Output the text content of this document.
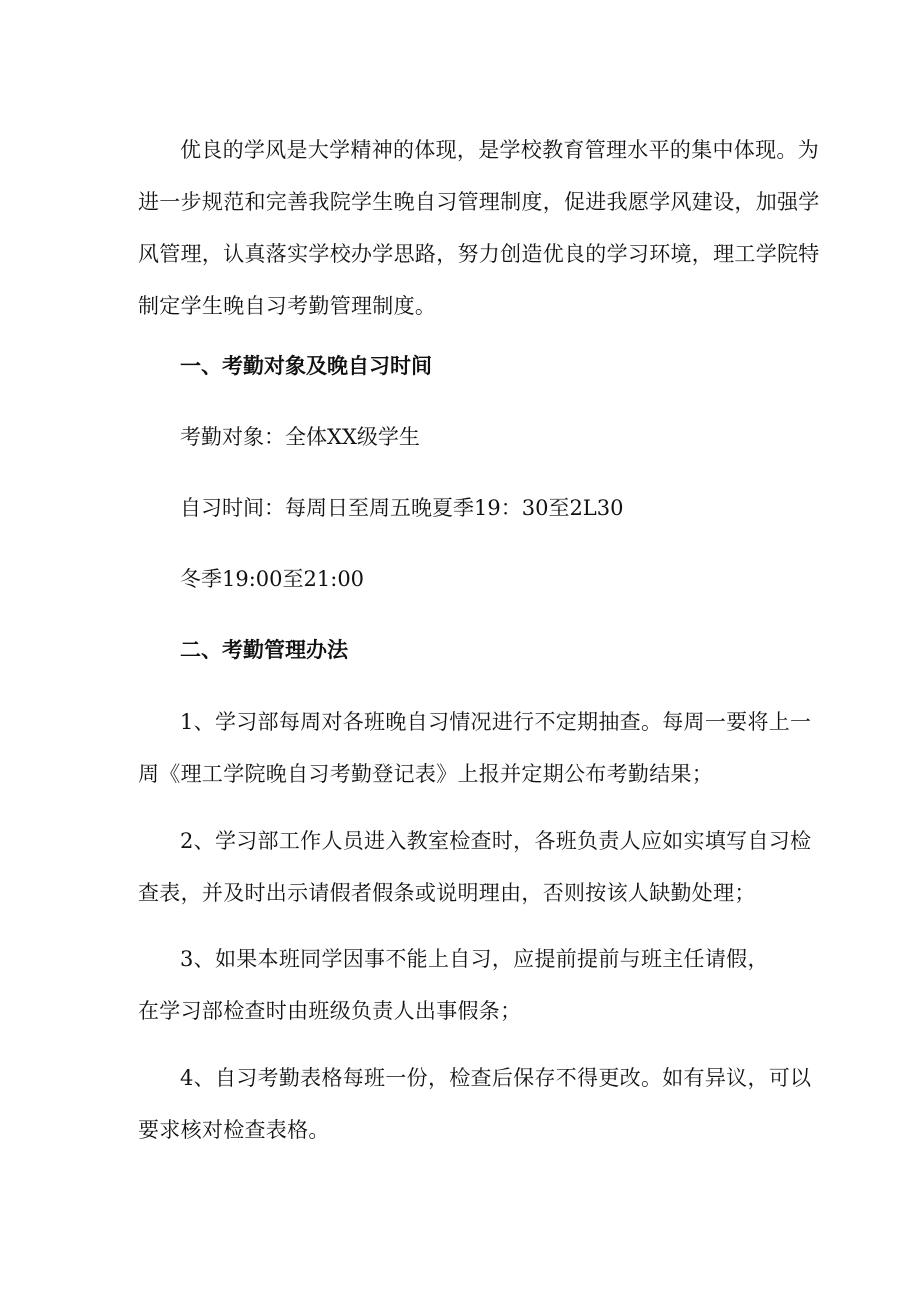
优良的学风是大学精神的体现，是学校教育管理水平的集中体现。为
进一步规范和完善我院学生晚自习管理制度，促进我愿学风建设，加强学
风管理，认真落实学校办学思路，努力创造优良的学习环境，理工学院特
制定学生晚自习考勤管理制度。
一、考勤对象及晚自习时间
考勤对象：全体XX级学生
自习时间：每周日至周五晚夏季19：30至2L30
冬季19:00至21:00
二、考勤管理办法
1、学习部每周对各班晚自习情况进行不定期抽查。每周一要将上一
周《理工学院晚自习考勤登记表》上报并定期公布考勤结果；
2、学习部工作人员进入教室检查时，各班负责人应如实填写自习检
查表，并及时出示请假者假条或说明理由，否则按该人缺勤处理；
3、如果本班同学因事不能上自习，应提前提前与班主任请假，
在学习部检查时由班级负责人出事假条；
4、自习考勤表格每班一份，检查后保存不得更改。如有异议，可以
要求核对检查表格。
